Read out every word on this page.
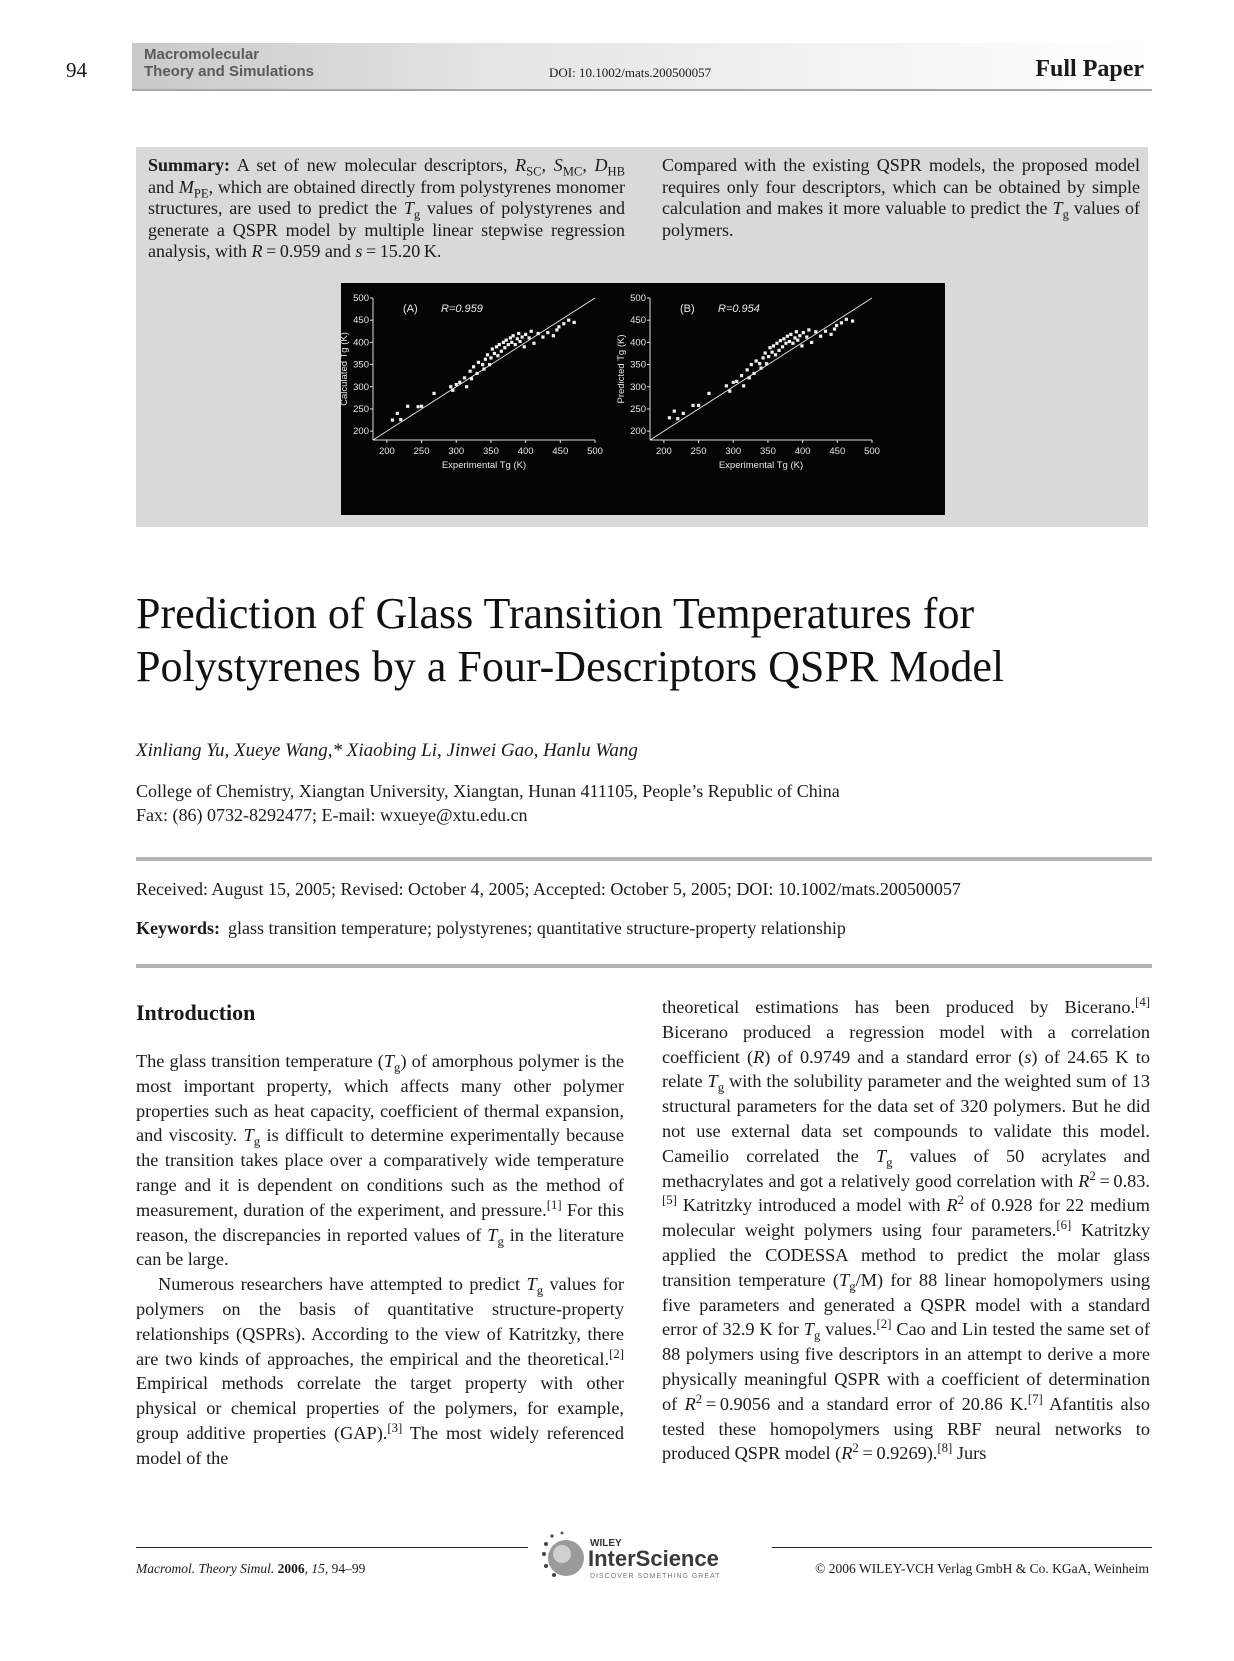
94
Macromolecular
Theory and Simulations	DOI: 10.1002/mats.200500057	Full Paper
Summary: A set of new molecular descriptors, $R_{SC}$, $S_{MC}$, $D_{HB}$ and $M_{PE}$, which are obtained directly from polystyrenes monomer structures, are used to predict the $T_g$ values of polystyrenes and generate a QSPR model by multiple linear stepwise regression analysis, with R = 0.959 and s = 15.20 K.
Compared with the existing QSPR models, the proposed model requires only four descriptors, which can be obtained by simple calculation and makes it more valuable to predict the $T_g$ values of polymers.
200 250 300 350 400 450 500
200
250
300
350
400
450
500
(A) R=0.959
Experimental Tg (K)
Calculated Tg (K)
200 250 300 350 400 450 500
200
250
300
350
400
450
500
(B) R=0.954
Experimental Tg (K)
Predicted Tg (K)
Prediction of Glass Transition Temperatures for
Polystyrenes by a Four-Descriptors QSPR Model
Xinliang Yu, Xueye Wang,* Xiaobing Li, Jinwei Gao, Hanlu Wang
College of Chemistry, Xiangtan University, Xiangtan, Hunan 411105, People’s Republic of China
Fax: (86) 0732-8292477; E-mail: wxueye@xtu.edu.cn
Received: August 15, 2005; Revised: October 4, 2005; Accepted: October 5, 2005; DOI: 10.1002/mats.200500057
Keywords: glass transition temperature; polystyrenes; quantitative structure-property relationship
Introduction

The glass transition temperature $(T_g)$ of amorphous polymer is the most important property, which affects many other polymer properties such as heat capacity, coefficient of thermal expansion, and viscosity. $T_g$ is difficult to determine experimentally because the transition takes place over a comparatively wide temperature range and it is dependent on conditions such as the method of measurement, duration of the experiment, and pressure.[1] For this reason, the discrepancies in reported values of $T_g$ in the literature can be large.

Numerous researchers have attempted to predict $T_g$ values for polymers on the basis of quantitative structure-property relationships (QSPRs). According to the view of Katritzky, there are two kinds of approaches, the empirical and the theoretical.[2] Empirical methods correlate the target property with other physical or chemical properties of the polymers, for example, group additive properties (GAP).[3] The most widely referenced model of the

theoretical estimations has been produced by Bicerano.[4] Bicerano produced a regression model with a correlation coefficient (R) of 0.9749 and a standard error (s) of 24.65 K to relate $T_g$ with the solubility parameter and the weighted sum of 13 structural parameters for the data set of 320 polymers. But he did not use external data set compounds to validate this model. Cameilio correlated the $T_g$ values of 50 acrylates and methacrylates and got a relatively good correlation with $R^2 = 0.83.[5]$ Katritzky introduced a model with $R^2$ of 0.928 for 22 medium molecular weight polymers using four parameters.[6] Katritzky applied the CODESSA method to predict the molar glass transition temperature $(T_g/M)$ for 88 linear homopolymers using five parameters and generated a QSPR model with a standard error of 32.9 K for $T_g$ values.[2] Cao and Lin tested the same set of 88 polymers using five descriptors in an attempt to derive a more physically meaningful QSPR with a coefficient of determination of $R^2 = 0.9056$ and a standard error of 20.86 K.[7] Afantitis also tested these homopolymers using RBF neural networks to produced QSPR model $(R^2 = 0.9269).[8]$ Jurs

Macromol. Theory Simul. 2006, 15, 94–99	© 2006 WILEY-VCH Verlag GmbH & Co. KGaA, Weinheim
WILEY
InterScience
DISCOVER SOMETHING GREAT
